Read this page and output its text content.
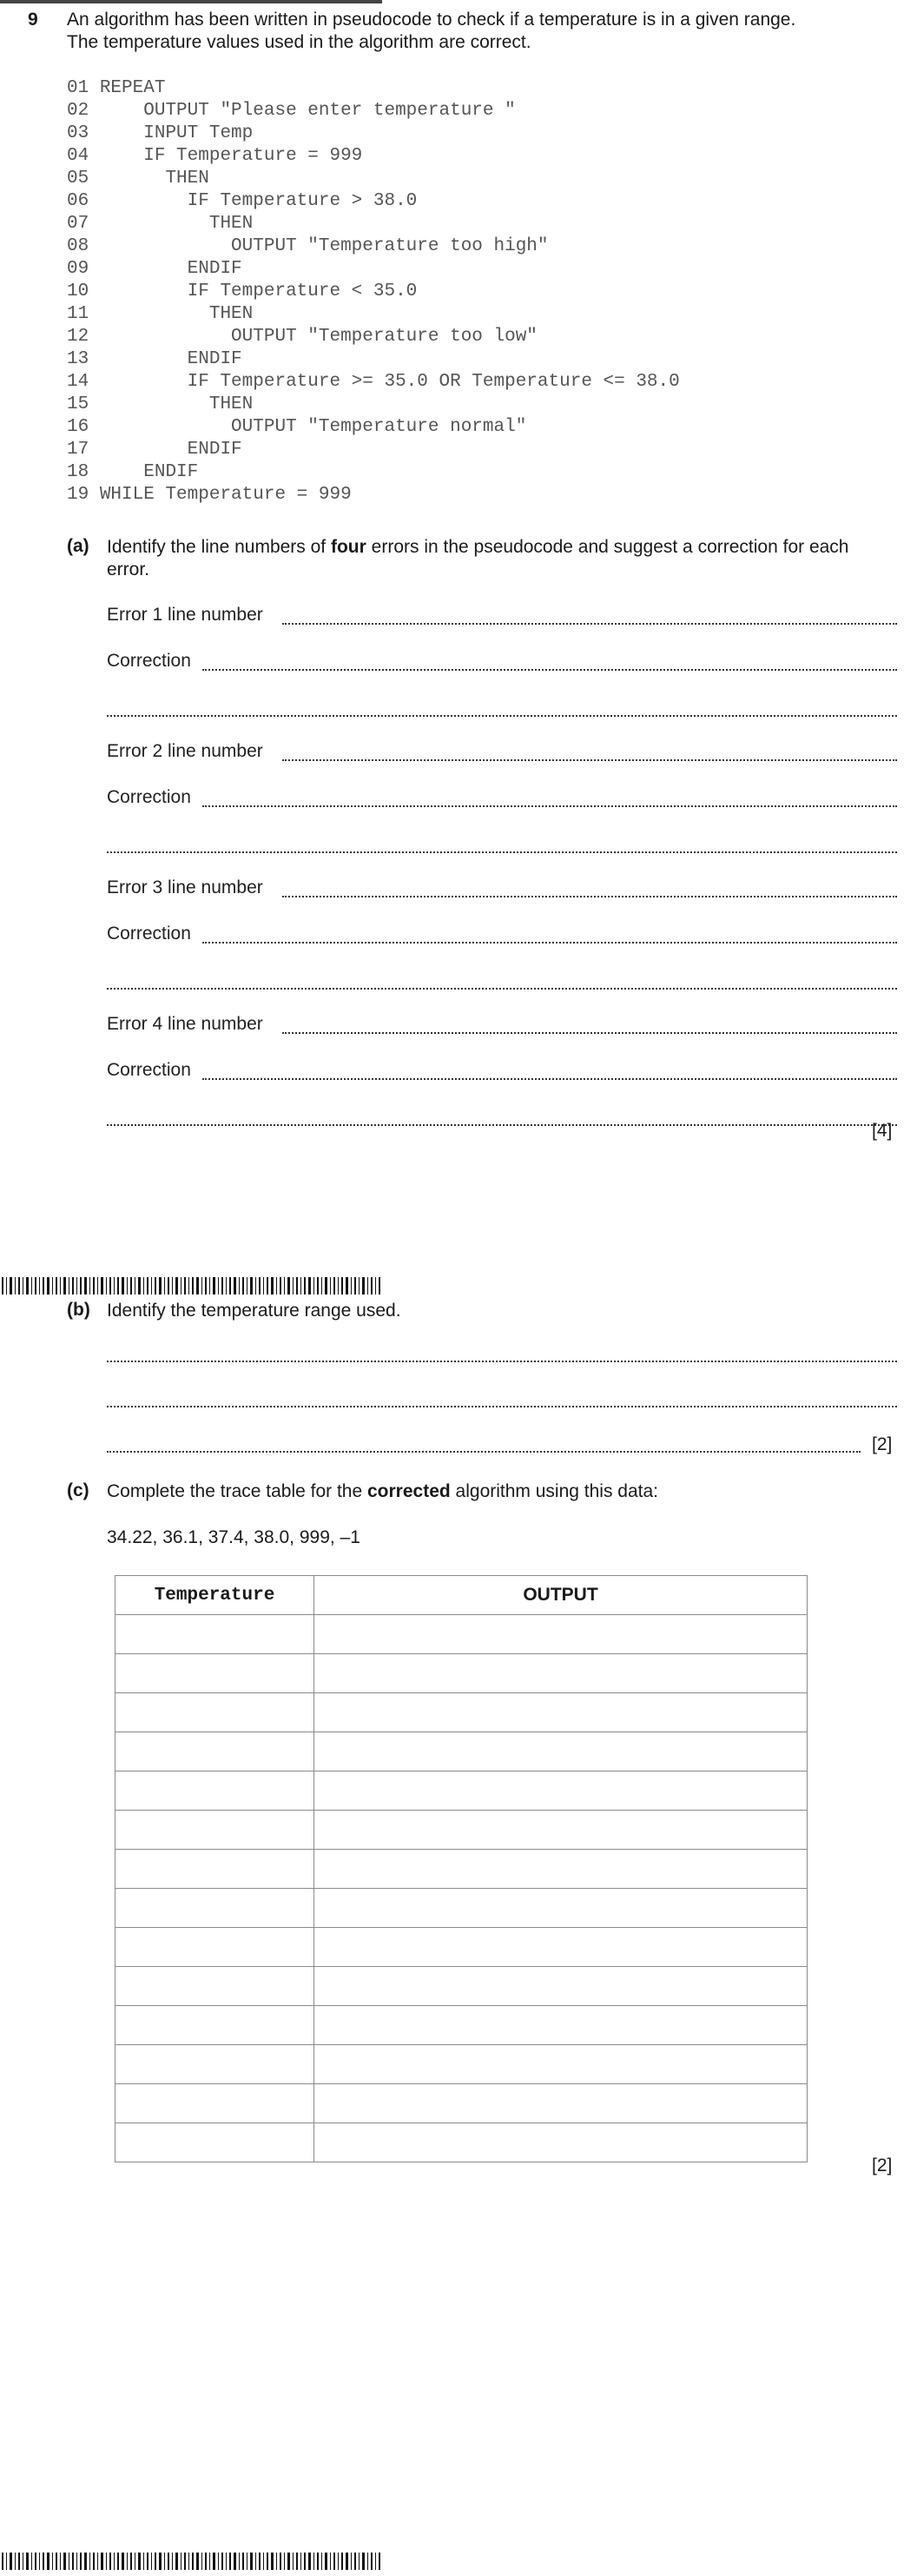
9 An algorithm has been written in pseudocode to check if a temperature is in a given range.
The temperature values used in the algorithm are correct.
01 REPEAT
02     OUTPUT "Please enter temperature "
03     INPUT Temp
04     IF Temperature = 999
05       THEN
06         IF Temperature > 38.0
07           THEN
08             OUTPUT "Temperature too high"
09         ENDIF
10         IF Temperature < 35.0
11           THEN
12             OUTPUT "Temperature too low"
13         ENDIF
14         IF Temperature >= 35.0 OR Temperature <= 38.0
15           THEN
16             OUTPUT "Temperature normal"
17         ENDIF
18     ENDIF
19 WHILE Temperature = 999
(a) Identify the line numbers of four errors in the pseudocode and suggest a correction for each
error.
Error 1 line number
Correction
Error 2 line number
Correction
Error 3 line number
Correction
Error 4 line number
Correction
[4]
(b) Identify the temperature range used.
[2]
(c) Complete the trace table for the corrected algorithm using this data:
34.22, 36.1, 37.4, 38.0, 999, –1
Temperature	OUTPUT

[2]
